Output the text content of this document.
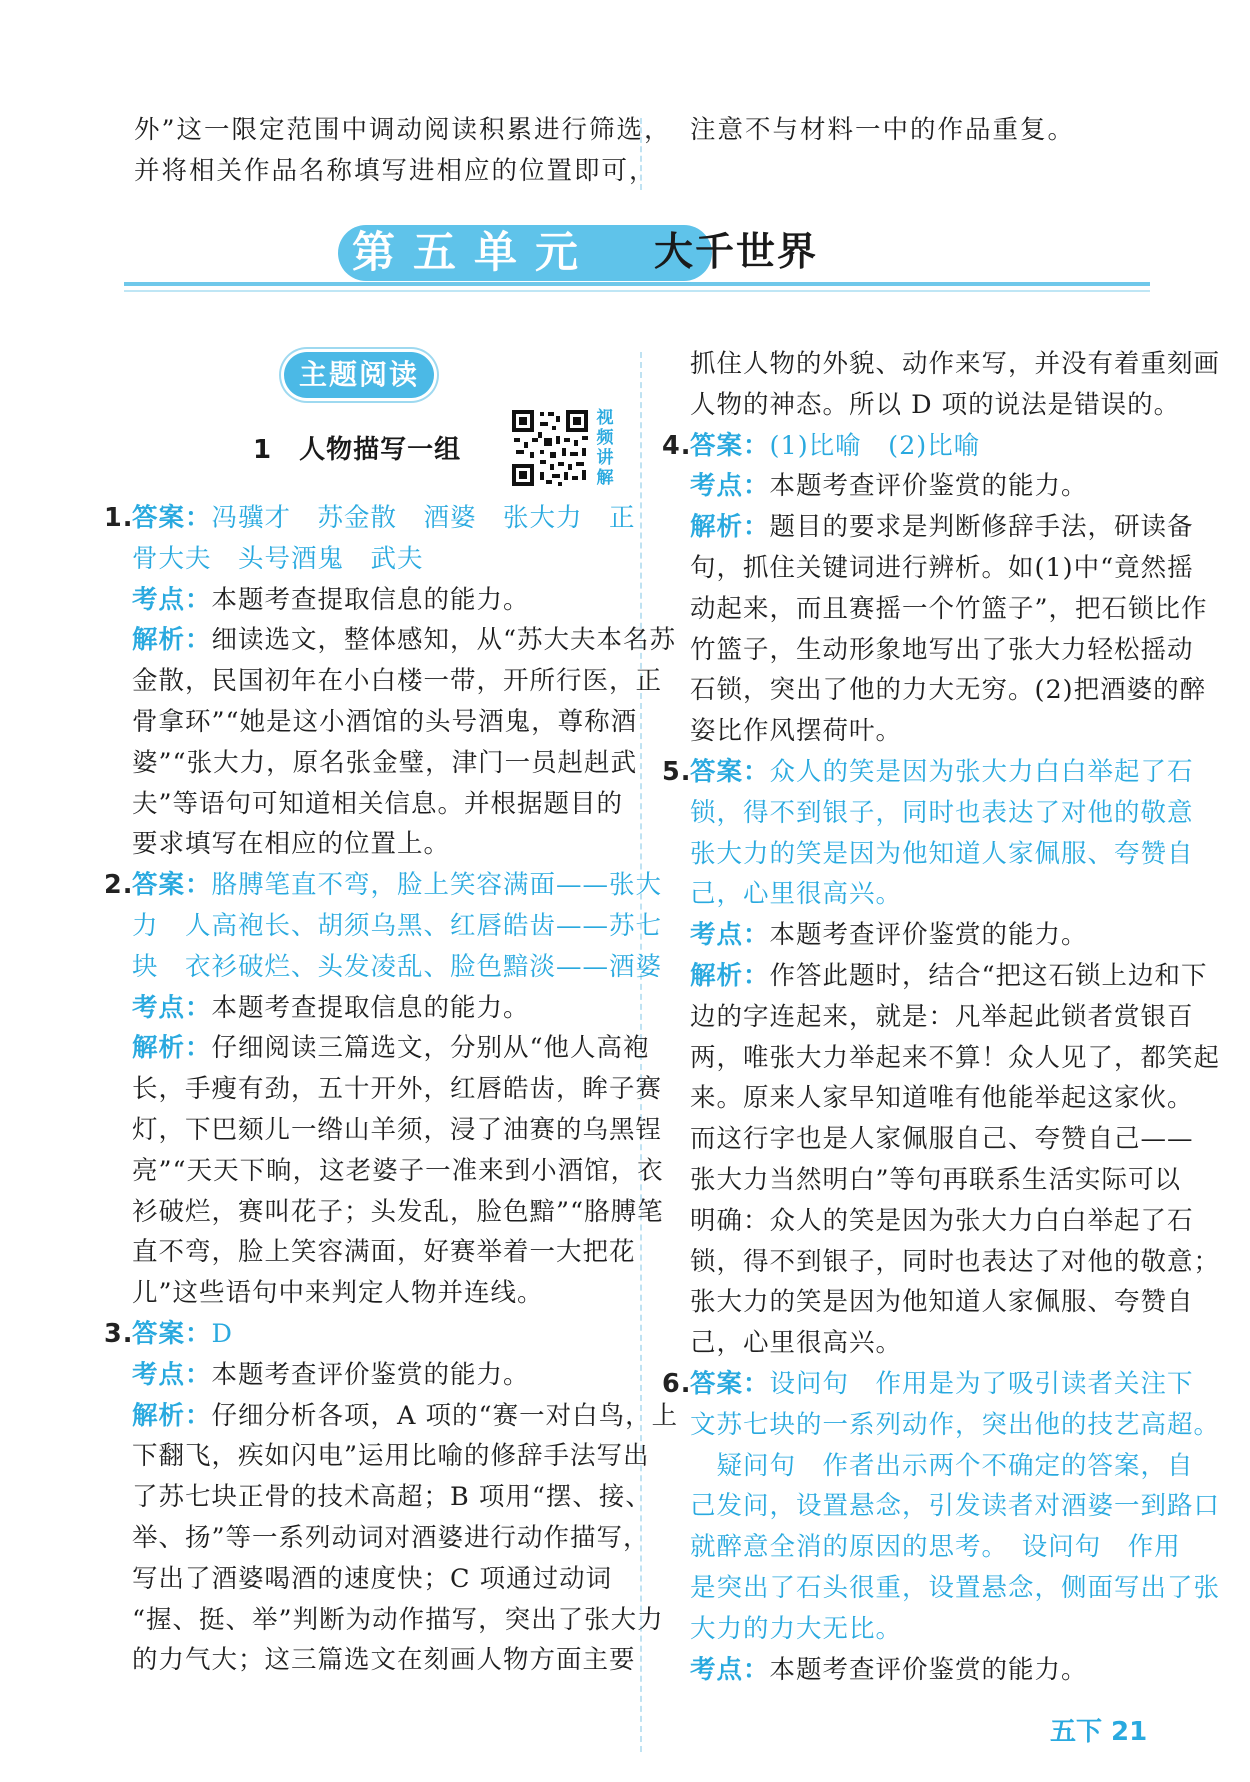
外”这一限定范围中调动阅读积累进行筛选，
并将相关作品名称填写进相应的位置即可，
注意不与材料一中的作品重复。
第五单元 大千世界
主题阅读
1　人物描写一组
视频讲解
1.答案：冯骥才　苏金散　酒婆　张大力　正
骨大夫　头号酒鬼　武夫
考点：本题考查提取信息的能力。
解析：细读选文，整体感知，从“苏大夫本名苏
金散，民国初年在小白楼一带，开所行医，正
骨拿环”“她是这小酒馆的头号酒鬼，尊称酒
婆”“张大力，原名张金璧，津门一员赳赳武
夫”等语句可知道相关信息。并根据题目的
要求填写在相应的位置上。
2.答案：胳膊笔直不弯，脸上笑容满面——张大
力　人高袍长、胡须乌黑、红唇皓齿——苏七
块　衣衫破烂、头发凌乱、脸色黯淡——酒婆
考点：本题考查提取信息的能力。
解析：仔细阅读三篇选文，分别从“他人高袍
长，手瘦有劲，五十开外，红唇皓齿，眸子赛
灯，下巴颏儿一绺山羊须，浸了油赛的乌黑锃
亮”“天天下晌，这老婆子一准来到小酒馆，衣
衫破烂，赛叫花子；头发乱，脸色黯”“胳膊笔
直不弯，脸上笑容满面，好赛举着一大把花
儿”这些语句中来判定人物并连线。
3.答案：D
考点：本题考查评价鉴赏的能力。
解析：仔细分析各项，A 项的“赛一对白鸟，上
下翻飞，疾如闪电”运用比喻的修辞手法写出
了苏七块正骨的技术高超；B 项用“摆、接、
举、扬”等一系列动词对酒婆进行动作描写，
写出了酒婆喝酒的速度快；C 项通过动词
“握、挺、举”判断为动作描写，突出了张大力
的力气大；这三篇选文在刻画人物方面主要
抓住人物的外貌、动作来写，并没有着重刻画
人物的神态。所以 D 项的说法是错误的。
4.答案：(1)比喻　(2)比喻
考点：本题考查评价鉴赏的能力。
解析：题目的要求是判断修辞手法，研读备
句，抓住关键词进行辨析。如(1)中“竟然摇
动起来，而且赛摇一个竹篮子”，把石锁比作
竹篮子，生动形象地写出了张大力轻松摇动
石锁，突出了他的力大无穷。(2)把酒婆的醉
姿比作风摆荷叶。
5.答案：众人的笑是因为张大力白白举起了石
锁，得不到银子，同时也表达了对他的敬意
张大力的笑是因为他知道人家佩服、夸赞自
己，心里很高兴。
考点：本题考查评价鉴赏的能力。
解析：作答此题时，结合“把这石锁上边和下
边的字连起来，就是：凡举起此锁者赏银百
两，唯张大力举起来不算！众人见了，都笑起
来。原来人家早知道唯有他能举起这家伙。
而这行字也是人家佩服自己、夸赞自己——
张大力当然明白”等句再联系生活实际可以
明确：众人的笑是因为张大力白白举起了石
锁，得不到银子，同时也表达了对他的敬意；
张大力的笑是因为他知道人家佩服、夸赞自
己，心里很高兴。
6.答案：设问句　作用是为了吸引读者关注下
文苏七块的一系列动作，突出他的技艺高超。
　疑问句　作者出示两个不确定的答案，自
己发问，设置悬念，引发读者对酒婆一到路口
就醉意全消的原因的思考。　设问句　作用
是突出了石头很重，设置悬念，侧面写出了张
大力的力大无比。
考点：本题考查评价鉴赏的能力。
五下 21
